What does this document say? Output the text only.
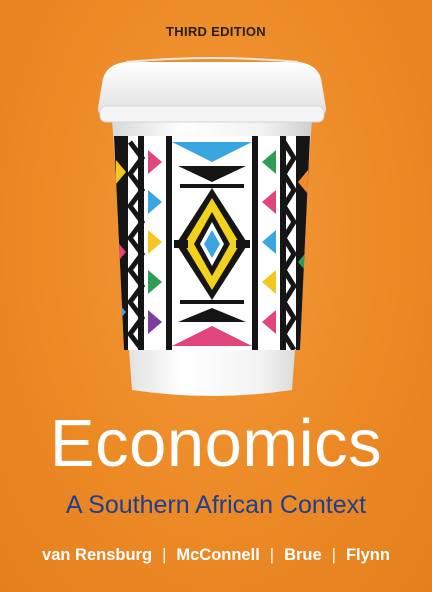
THIRD EDITION
Economics
A Southern African Context
van Rensburg | McConnell | Brue | Flynn
